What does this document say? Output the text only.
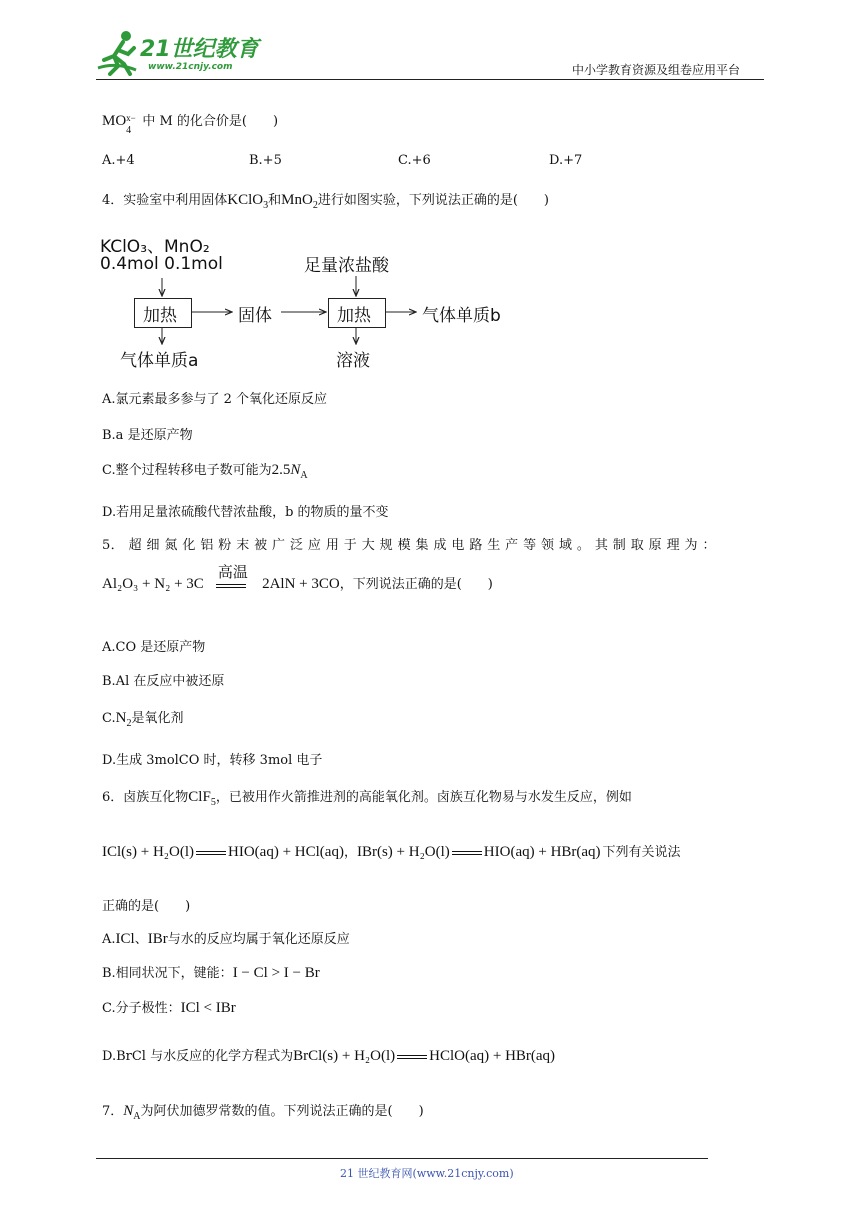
21世纪教育
www.21cnjy.com	中小学教育资源及组卷应用平台
MO x−
4
中 M 的化合价是(　　)
A.+4	B.+5	C.+6	D.+7
4．实验室中利用固体KClO$_3$和MnO$_2$进行如图实验，下列说法正确的是(　　)
KClO₃、MnO₂
0.4mol 0.1mol	足量浓盐酸
加热	固体	加热	气体单质b
气体单质a	溶液
A.氯元素最多参与了 2 个氧化还原反应
B.a 是还原产物
C.整个过程转移电子数可能为$2.5N_A$
D.若用足量浓硫酸代替浓盐酸，b 的物质的量不变
5． 超 细 氮 化 铝 粉 末 被 广 泛 应 用 于 大 规 模 集 成 电 路 生 产 等 领 域 。 其 制 取 原 理 为 ：
Al₂O₃ + N₂ + 3C
高温
2AlN + 3CO，下列说法正确的是(　　)
A.CO 是还原产物
B.Al 在反应中被还原
$C.N_2$是氧化剂
D.生成 3molCO 时，转移 3mol 电子
6．卤族互化物ClF$_5$，已被用作火箭推进剂的高能氧化剂。卤族互化物易与水发生反应，例如
ICl(s) + H₂O(l) HIO(aq) + HCl(aq)，IBr(s) + H₂O(l) HIO(aq) + HBr(aq) 下列有关说法
正确的是(　　)
A.ICl、IBr与水的反应均属于氧化还原反应
B.相同状况下，键能：I − Cl > I − Br
C.分子极性：ICl < IBr
D.BrCl 与水反应的化学方程式为BrCl(s) + H₂O(l) HClO(aq) + HBr(aq)
7．$N_A$为阿伏加德罗常数的值。下列说法正确的是(　　)
21 世纪教育网(www.21cnjy.com)
